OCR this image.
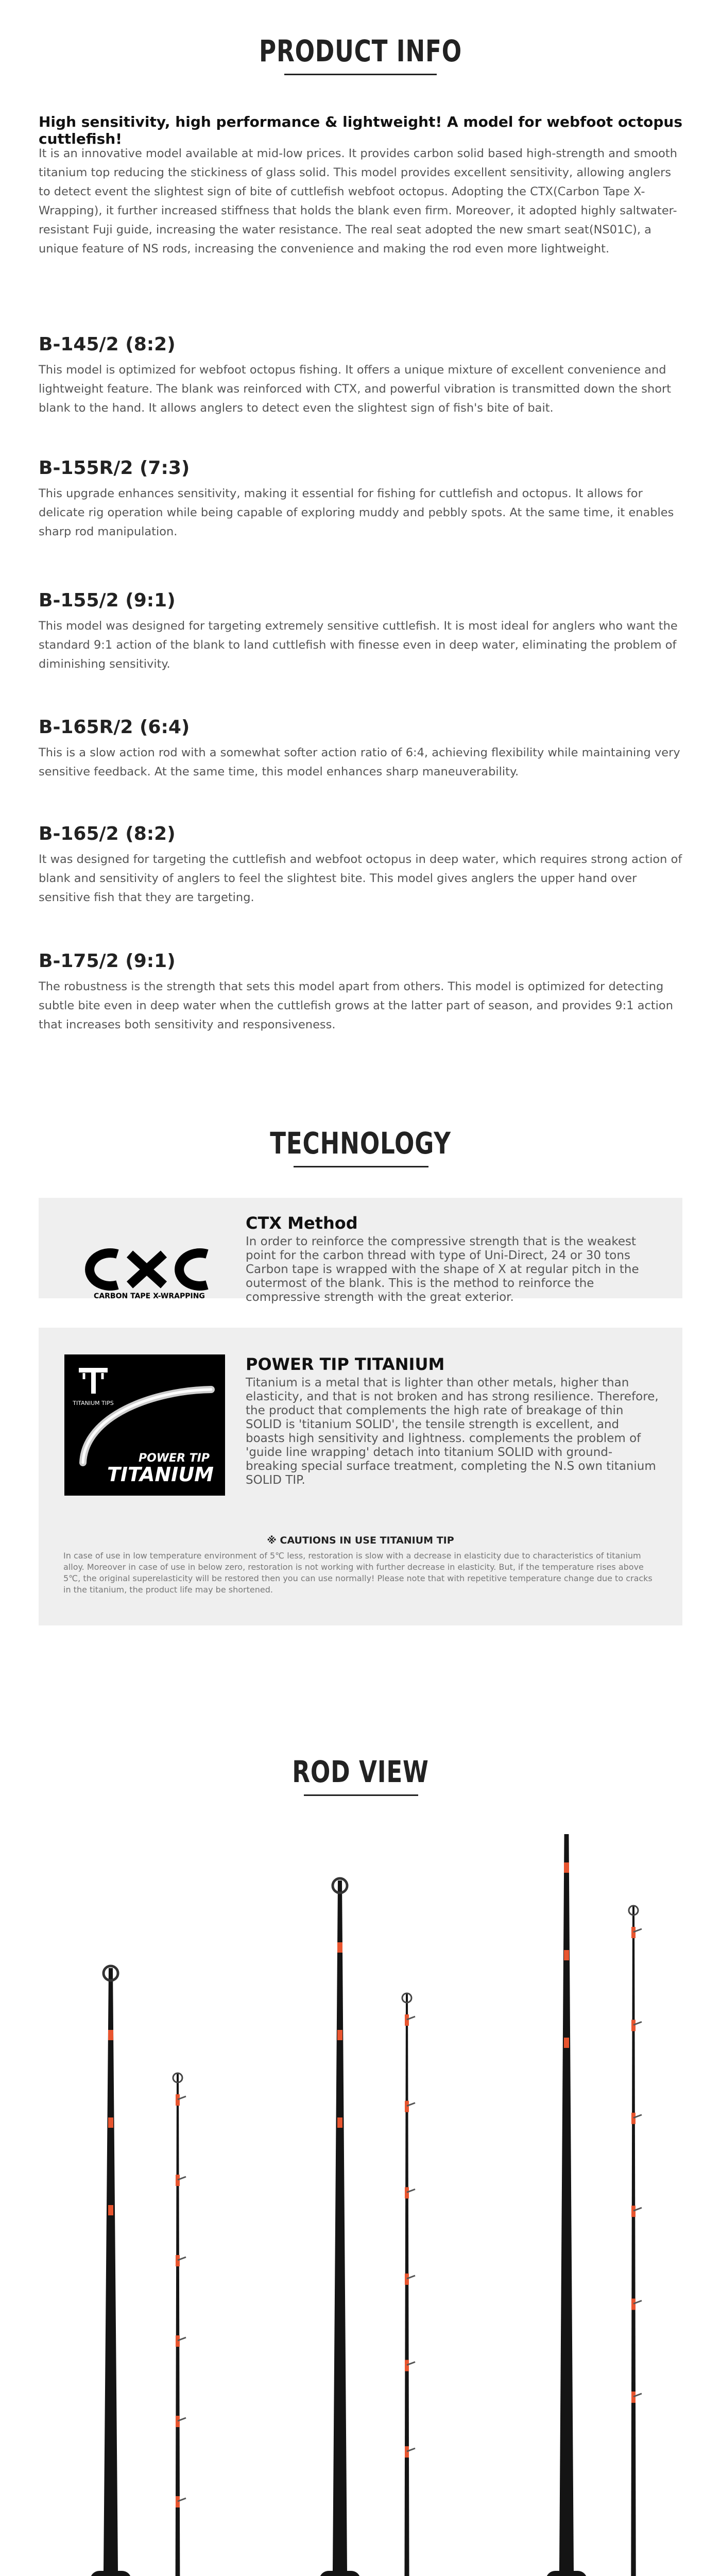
PRODUCT INFO
High sensitivity, high performance & lightweight! A model for webfoot octopus cuttlefish!

It is an innovative model available at mid-low prices. It provides carbon solid based high-strength and smooth titanium top reducing the stickiness of glass solid. This model provides excellent sensitivity, allowing anglers to detect event the slightest sign of bite of cuttlefish webfoot octopus. Adopting the CTX(Carbon Tape X-Wrapping), it further increased stiffness that holds the blank even firm. Moreover, it adopted highly saltwater-resistant Fuji guide, increasing the water resistance. The real seat adopted the new smart seat(NS01C), a unique feature of NS rods, increasing the convenience and making the rod even more lightweight.

B-145/2 (8:2)

This model is optimized for webfoot octopus fishing. It offers a unique mixture of excellent convenience and lightweight feature. The blank was reinforced with CTX, and powerful vibration is transmitted down the short blank to the hand. It allows anglers to detect even the slightest sign of fish's bite of bait.

B-155R/2 (7:3)

This upgrade enhances sensitivity, making it essential for fishing for cuttlefish and octopus. It allows for delicate rig operation while being capable of exploring muddy and pebbly spots. At the same time, it enables sharp rod manipulation.

B-155/2 (9:1)

This model was designed for targeting extremely sensitive cuttlefish. It is most ideal for anglers who want the standard 9:1 action of the blank to land cuttlefish with finesse even in deep water, eliminating the problem of diminishing sensitivity.

B-165R/2 (6:4)

This is a slow action rod with a somewhat softer action ratio of 6:4, achieving flexibility while maintaining very sensitive feedback. At the same time, this model enhances sharp maneuverability.

B-165/2 (8:2)

It was designed for targeting the cuttlefish and webfoot octopus in deep water, which requires strong action of blank and sensitivity of anglers to feel the slightest bite. This model gives anglers the upper hand over sensitive fish that they are targeting.

B-175/2 (9:1)

The robustness is the strength that sets this model apart from others. This model is optimized for detecting subtle bite even in deep water when the cuttlefish grows at the latter part of season, and provides 9:1 action that increases both sensitivity and responsiveness.

TECHNOLOGY
CARBON TAPE X-WRAPPING
CTX Method

In order to reinforce the compressive strength that is the weakest point for the carbon thread with type of Uni-Direct, 24 or 30 tons Carbon tape is wrapped with the shape of X at regular pitch in the outermost of the blank. This is the method to reinforce the compressive strength with the great exterior.

TITANIUM TIPS
POWER TIP
TITANIUM
POWER TIP TITANIUM

Titanium is a metal that is lighter than other metals, higher than elasticity, and that is not broken and has strong resilience. Therefore, the product that complements the high rate of breakage of thin SOLID is 'titanium SOLID', the tensile strength is excellent, and boasts high sensitivity and lightness. complements the problem of 'guide line wrapping' detach into titanium SOLID with ground-breaking special surface treatment, completing the N.S own titanium SOLID TIP.

※ CAUTIONS IN USE TITANIUM TIP

In case of use in low temperature environment of 5℃ less, restoration is slow with a decrease in elasticity due to characteristics of titanium alloy. Moreover in case of use in below zero, restoration is not working with further decrease in elasticity. But, if the temperature rises above 5℃, the original superelasticity will be restored then you can use normally! Please note that with repetitive temperature change due to cracks in the titanium, the product life may be shortened.

ROD VIEW
